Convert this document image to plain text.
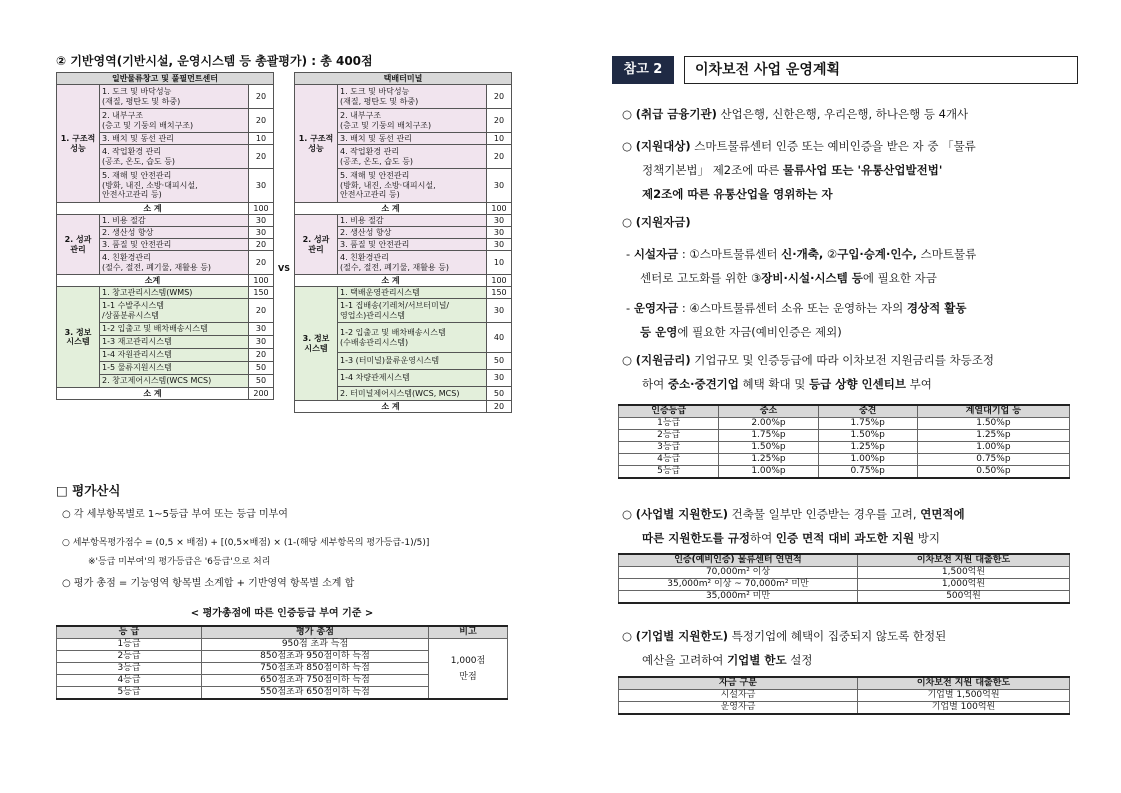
② 기반영역(기반시설, 운영시스템 등 총괄평가) : 총 400점
일반물류창고 및 풀필먼트센터		
1. 구조적
성능	1. 도크 및 바닥성능
(재질, 평탄도 및 하중)	20
	2. 내부구조
(층고 및 기둥의 배치구조)	20
	3. 배치 및 동선 관리	10
	4. 작업환경 관리
(공조, 온도, 습도 등)	20
	5. 재해 및 안전관리
(방화, 내진, 소방·대피시설,
안전사고관리 등)	30
소 계		100
2. 성과
관리	1. 비용 절감	30
	2. 생산성 향상	30
	3. 품질 및 안전관리	20
	4. 친환경관리
(절수, 절전, 폐기물, 재활용 등)	20
소계		100
3. 정보
시스템	1. 창고관리시스템(WMS)	150
	1-1 수발주시스템
/상품분류시스템	20
	1-2 입출고 및 배차배송시스템	30
	1-3 재고관리시스템	30
	1-4 자원관리시스템	20
	1-5 물류지원시스템	50
	2. 창고제어시스템(WCS MCS)	50
소 계		200
VS
택배터미널		
1. 구조적
성능	1. 도크 및 바닥성능
(재질, 평탄도 및 하중)	20
	2. 내부구조
(층고 및 기둥의 배치구조)	20
	3. 배치 및 동선 관리	10
	4. 작업환경 관리
(공조, 온도, 습도 등)	20
	5. 재해 및 안전관리
(방화, 내진, 소방·대피시설,
안전사고관리 등)	30
소 계		100
2. 성과
관리	1. 비용 절감	30
	2. 생산성 향상	30
	3. 품질 및 안전관리	30
	4. 친환경관리
(절수, 절전, 폐기물, 재활용 등)	10
소 계		100
3. 정보
시스템	1. 택배운영관리시스템	150
	1-1 집배송(기레처/서브터미널/
영업소)관리시스템	30
	1-2 입출고 및 배차배송시스템
(수배송관리시스템)	40
	1-3 (터미널)물류운영시스템	50
	1-4 차량관제시스템	30
	2. 터미널제어시스템(WCS, MCS)	50
소 계		20
□ 평가산식
○ 각 세부항목별로 1~5등급 부여 또는 등급 미부여
○ 세부항목평가점수 = (0,5 × 배점) + [(0,5×배점) × (1-(해당 세부항목의 평가등급-1)/5)]
※'등급 미부여'의 평가등급은 '6등급'으로 처리
○ 평가 총점 = 기능영역 항목별 소계합 + 기반영역 항목별 소계 합
< 평가총점에 따른 인증등급 부여 기준 >
등 급	평가 총점	비고
1등급	950점 초과 득점	1,000점
만점
2등급	850점초과 950점이하 득점	
3등급	750점초과 850점이하 득점	
4등급	650점초과 750점이하 득점	
5등급	550점초과 650점이하 득점	
참고 2	이차보전 사업 운영계획
○ (취급 금융기관) 산업은행, 신한은행, 우리은행, 하나은행 등 4개사
○ (지원대상) 스마트물류센터 인증 또는 예비인증을 받은 자 중 「물류
정책기본법」 제2조에 따른 물류사업 또는 '유통산업발전법'
제2조에 따른 유통산업을 영위하는 자
○ (지원자금)
- 시설자금 : ①스마트물류센터 신·개축, ②구입·승계·인수, 스마트물류
센터로 고도화를 위한 ③장비·시설·시스템 등에 필요한 자금
- 운영자금 : ④스마트물류센터 소유 또는 운영하는 자의 경상적 활동
등 운영에 필요한 자금(예비인증은 제외)
○ (지원금리) 기업규모 및 인증등급에 따라 이차보전 지원금리를 차등조정
하여 중소·중견기업 혜택 확대 및 등급 상향 인센티브 부여
인증등급	중소	중견	계열대기업 등
1등급	2.00%p	1.75%p	1.50%p
2등급	1.75%p	1.50%p	1.25%p
3등급	1.50%p	1.25%p	1.00%p
4등급	1.25%p	1.00%p	0.75%p
5등급	1.00%p	0.75%p	0.50%p
○ (사업별 지원한도) 건축물 일부만 인증받는 경우를 고려, 연면적에
따른 지원한도를 규정하여 인증 면적 대비 과도한 지원 방지
인증(예비인증) 물류센터 연면적	이차보전 지원 대출한도
70,000m² 이상	1,500억원
35,000m² 이상 ~ 70,000m² 미만	1,000억원
35,000m² 미만	500억원
○ (기업별 지원한도) 특정기업에 혜택이 집중되지 않도록 한정된
예산을 고려하여 기업별 한도 설정
자금 구분	이차보전 지원 대출한도
시설자금	기업별 1,500억원
운영자금	기업별 100억원
